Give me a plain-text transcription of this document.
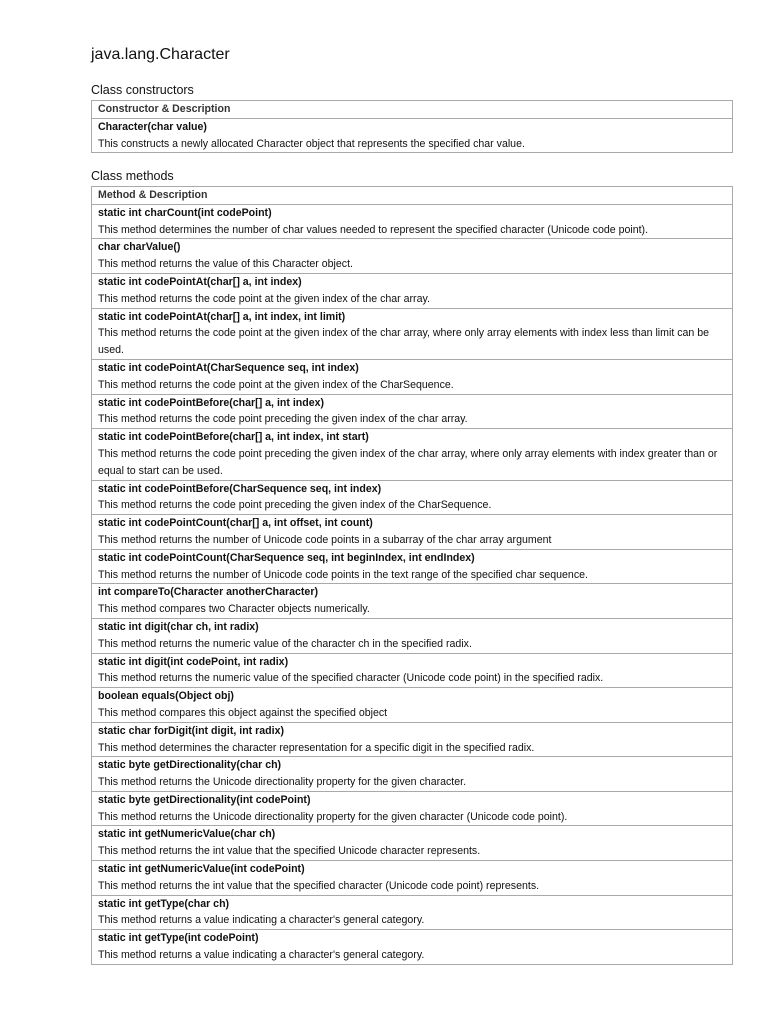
java.lang.Character
Class constructors
Constructor & Description

Character(char value)
This constructs a newly allocated Character object that represents the specified char value.
Class methods
Method & Description

static int charCount(int codePoint)
This method determines the number of char values needed to represent the specified character (Unicode code point).

char charValue()
This method returns the value of this Character object.

static int codePointAt(char[] a, int index)
This method returns the code point at the given index of the char array.

static int codePointAt(char[] a, int index, int limit)
This method returns the code point at the given index of the char array, where only array elements with index less than limit can be used.

static int codePointAt(CharSequence seq, int index)
This method returns the code point at the given index of the CharSequence.

static int codePointBefore(char[] a, int index)
This method returns the code point preceding the given index of the char array.

static int codePointBefore(char[] a, int index, int start)
This method returns the code point preceding the given index of the char array, where only array elements with index greater than or equal to start can be used.

static int codePointBefore(CharSequence seq, int index)
This method returns the code point preceding the given index of the CharSequence.

static int codePointCount(char[] a, int offset, int count)
This method returns the number of Unicode code points in a subarray of the char array argument

static int codePointCount(CharSequence seq, int beginIndex, int endIndex)
This method returns the number of Unicode code points in the text range of the specified char sequence.

int compareTo(Character anotherCharacter)
This method compares two Character objects numerically.

static int digit(char ch, int radix)
This method returns the numeric value of the character ch in the specified radix.

static int digit(int codePoint, int radix)
This method returns the numeric value of the specified character (Unicode code point) in the specified radix.

boolean equals(Object obj)
This method compares this object against the specified object

static char forDigit(int digit, int radix)
This method determines the character representation for a specific digit in the specified radix.

static byte getDirectionality(char ch)
This method returns the Unicode directionality property for the given character.

static byte getDirectionality(int codePoint)
This method returns the Unicode directionality property for the given character (Unicode code point).

static int getNumericValue(char ch)
This method returns the int value that the specified Unicode character represents.

static int getNumericValue(int codePoint)
This method returns the int value that the specified character (Unicode code point) represents.

static int getType(char ch)
This method returns a value indicating a character's general category.

static int getType(int codePoint)
This method returns a value indicating a character's general category.
